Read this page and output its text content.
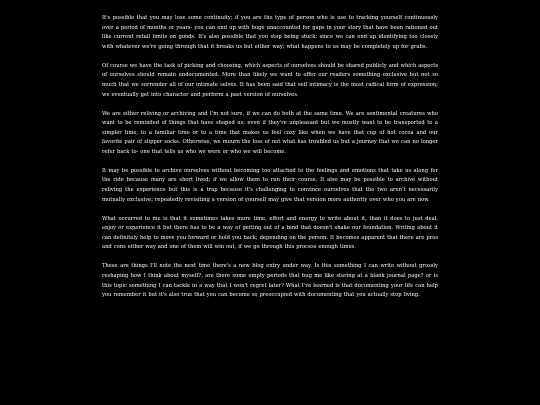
It's possible that you may lose some continuity; if you are the type of person who is use to tracking yourself continuously over a period of months or years- you can end up with huge unaccounted for gaps in your story that have been rationed out like current retail limits on goods. It's also possible that you stop being stuck; since we can end up identifying too closely with whatever we're going through that it breaks us but either way; what happens to us may be completely up for grabs.

Of course we have the task of picking and choosing, which aspects of ourselves should be shared publicly and which aspects of ourselves should remain undocumented. More than likely we want to offer our readers something exclusive but not so much that we surrender all of our intimate selves. It has been said that self intimacy is the most radical form of expression; we eventually get into character and perform a past version of ourselves.

We are either reliving or archiving and I'm not sure, if we can do both at the same time. We are sentimental creatures who want to be reminded of things that have shaped us; even if they're unpleasant but we mostly want to be transported to a simpler time, to a familiar time or to a time that makes us feel cozy like when we have that cup of hot cocoa and our favorite pair of slipper socks. Otherwise, we mourn the loss of not what has troubled us but a journey that we can no longer refer back to- one that tells us who we were or who we will become.

It may be possible to archive ourselves without becoming too attached to the feelings and emotions that take us along for the ride because many are short lived; if we allow them to run their course. It also may be possible to archive without reliving the experience but this is a trap because it's challenging to convince ourselves that the two aren't necessarily mutually exclusive; repeatedly revisiting a version of yourself may give that version more authority over who you are now.

What occurred to me is that it sometimes takes more time, effort and energy to write about it, than it does to just deal, enjoy or experience it but there has to be a way of getting out of a bind that doesn't shake our foundation. Writing about it can definitely help to move you forward or hold you back; depending on the person. It becomes apparent that there are pros and cons either way and one of them will win out, if we go through this process enough times.

These are things I'll note the next time there's a new blog entry under way. Is this something I can write without grossly reshaping how I think about myself?, are there some empty periods that bug me like staring at a blank journal page? or is this topic something I can tackle in a way that I won't regret later? What I've learned is that documenting your life can help you remember it but it's also true that you can become so preoccupied with documenting that you actually stop living.
